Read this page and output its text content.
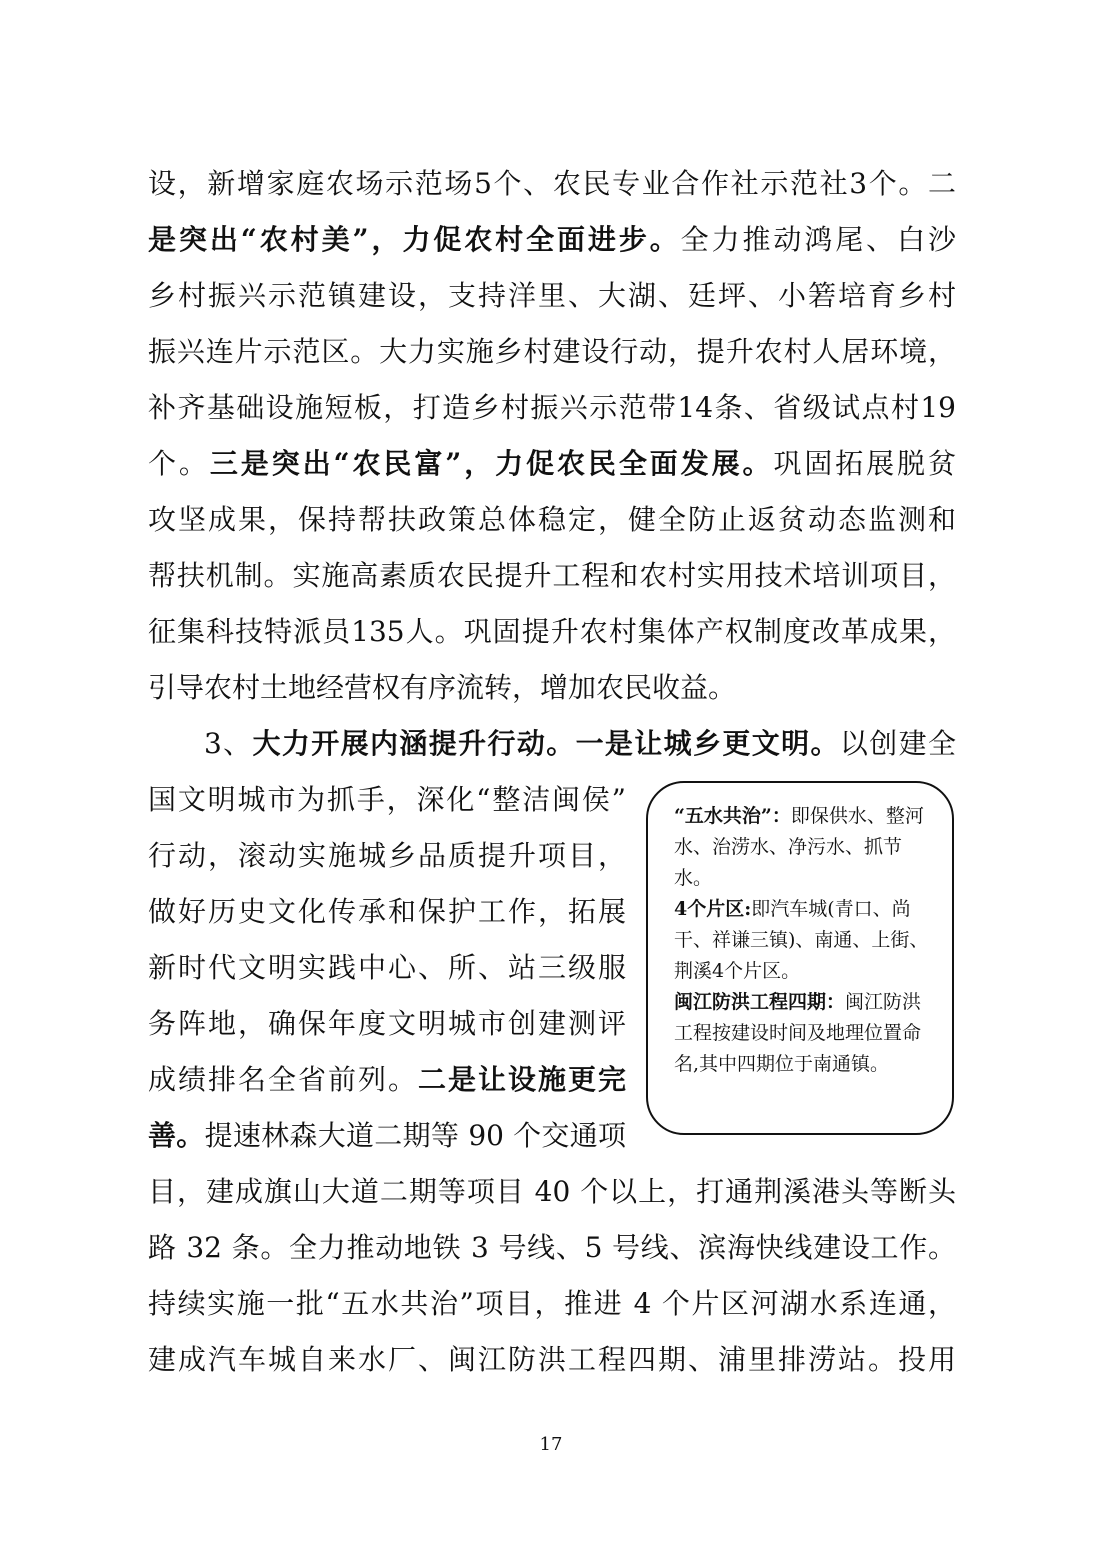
设，新增家庭农场示范场5个、农民专业合作社示范社3个。二
是突出“农村美”，力促农村全面进步。全力推动鸿尾、白沙
乡村振兴示范镇建设，支持洋里、大湖、廷坪、小箬培育乡村
振兴连片示范区。大力实施乡村建设行动，提升农村人居环境，
补齐基础设施短板，打造乡村振兴示范带14条、省级试点村19
个。三是突出“农民富”，力促农民全面发展。巩固拓展脱贫
攻坚成果，保持帮扶政策总体稳定，健全防止返贫动态监测和
帮扶机制。实施高素质农民提升工程和农村实用技术培训项目，
征集科技特派员135人。巩固提升农村集体产权制度改革成果，
引导农村土地经营权有序流转，增加农民收益。
3、大力开展内涵提升行动。一是让城乡更文明。以创建全
国文明城市为抓手，深化“整洁闽侯”
行动，滚动实施城乡品质提升项目，
做好历史文化传承和保护工作，拓展
新时代文明实践中心、所、站三级服
务阵地，确保年度文明城市创建测评
成绩排名全省前列。二是让设施更完
善。提速林森大道二期等 90 个交通项
目，建成旗山大道二期等项目 40 个以上，打通荆溪港头等断头
路 32 条。全力推动地铁 3 号线、5 号线、滨海快线建设工作。
持续实施一批“五水共治”项目，推进 4 个片区河湖水系连通，
建成汽车城自来水厂、闽江防洪工程四期、浦里排涝站。投用

“五水共治”：即保供水、整河水、治涝水、净污水、抓节水。

4个片区:即汽车城(青口、尚干、祥谦三镇)、南通、上街、荆溪4个片区。

闽江防洪工程四期：闽江防洪工程按建设时间及地理位置命名,其中四期位于南通镇。

17
